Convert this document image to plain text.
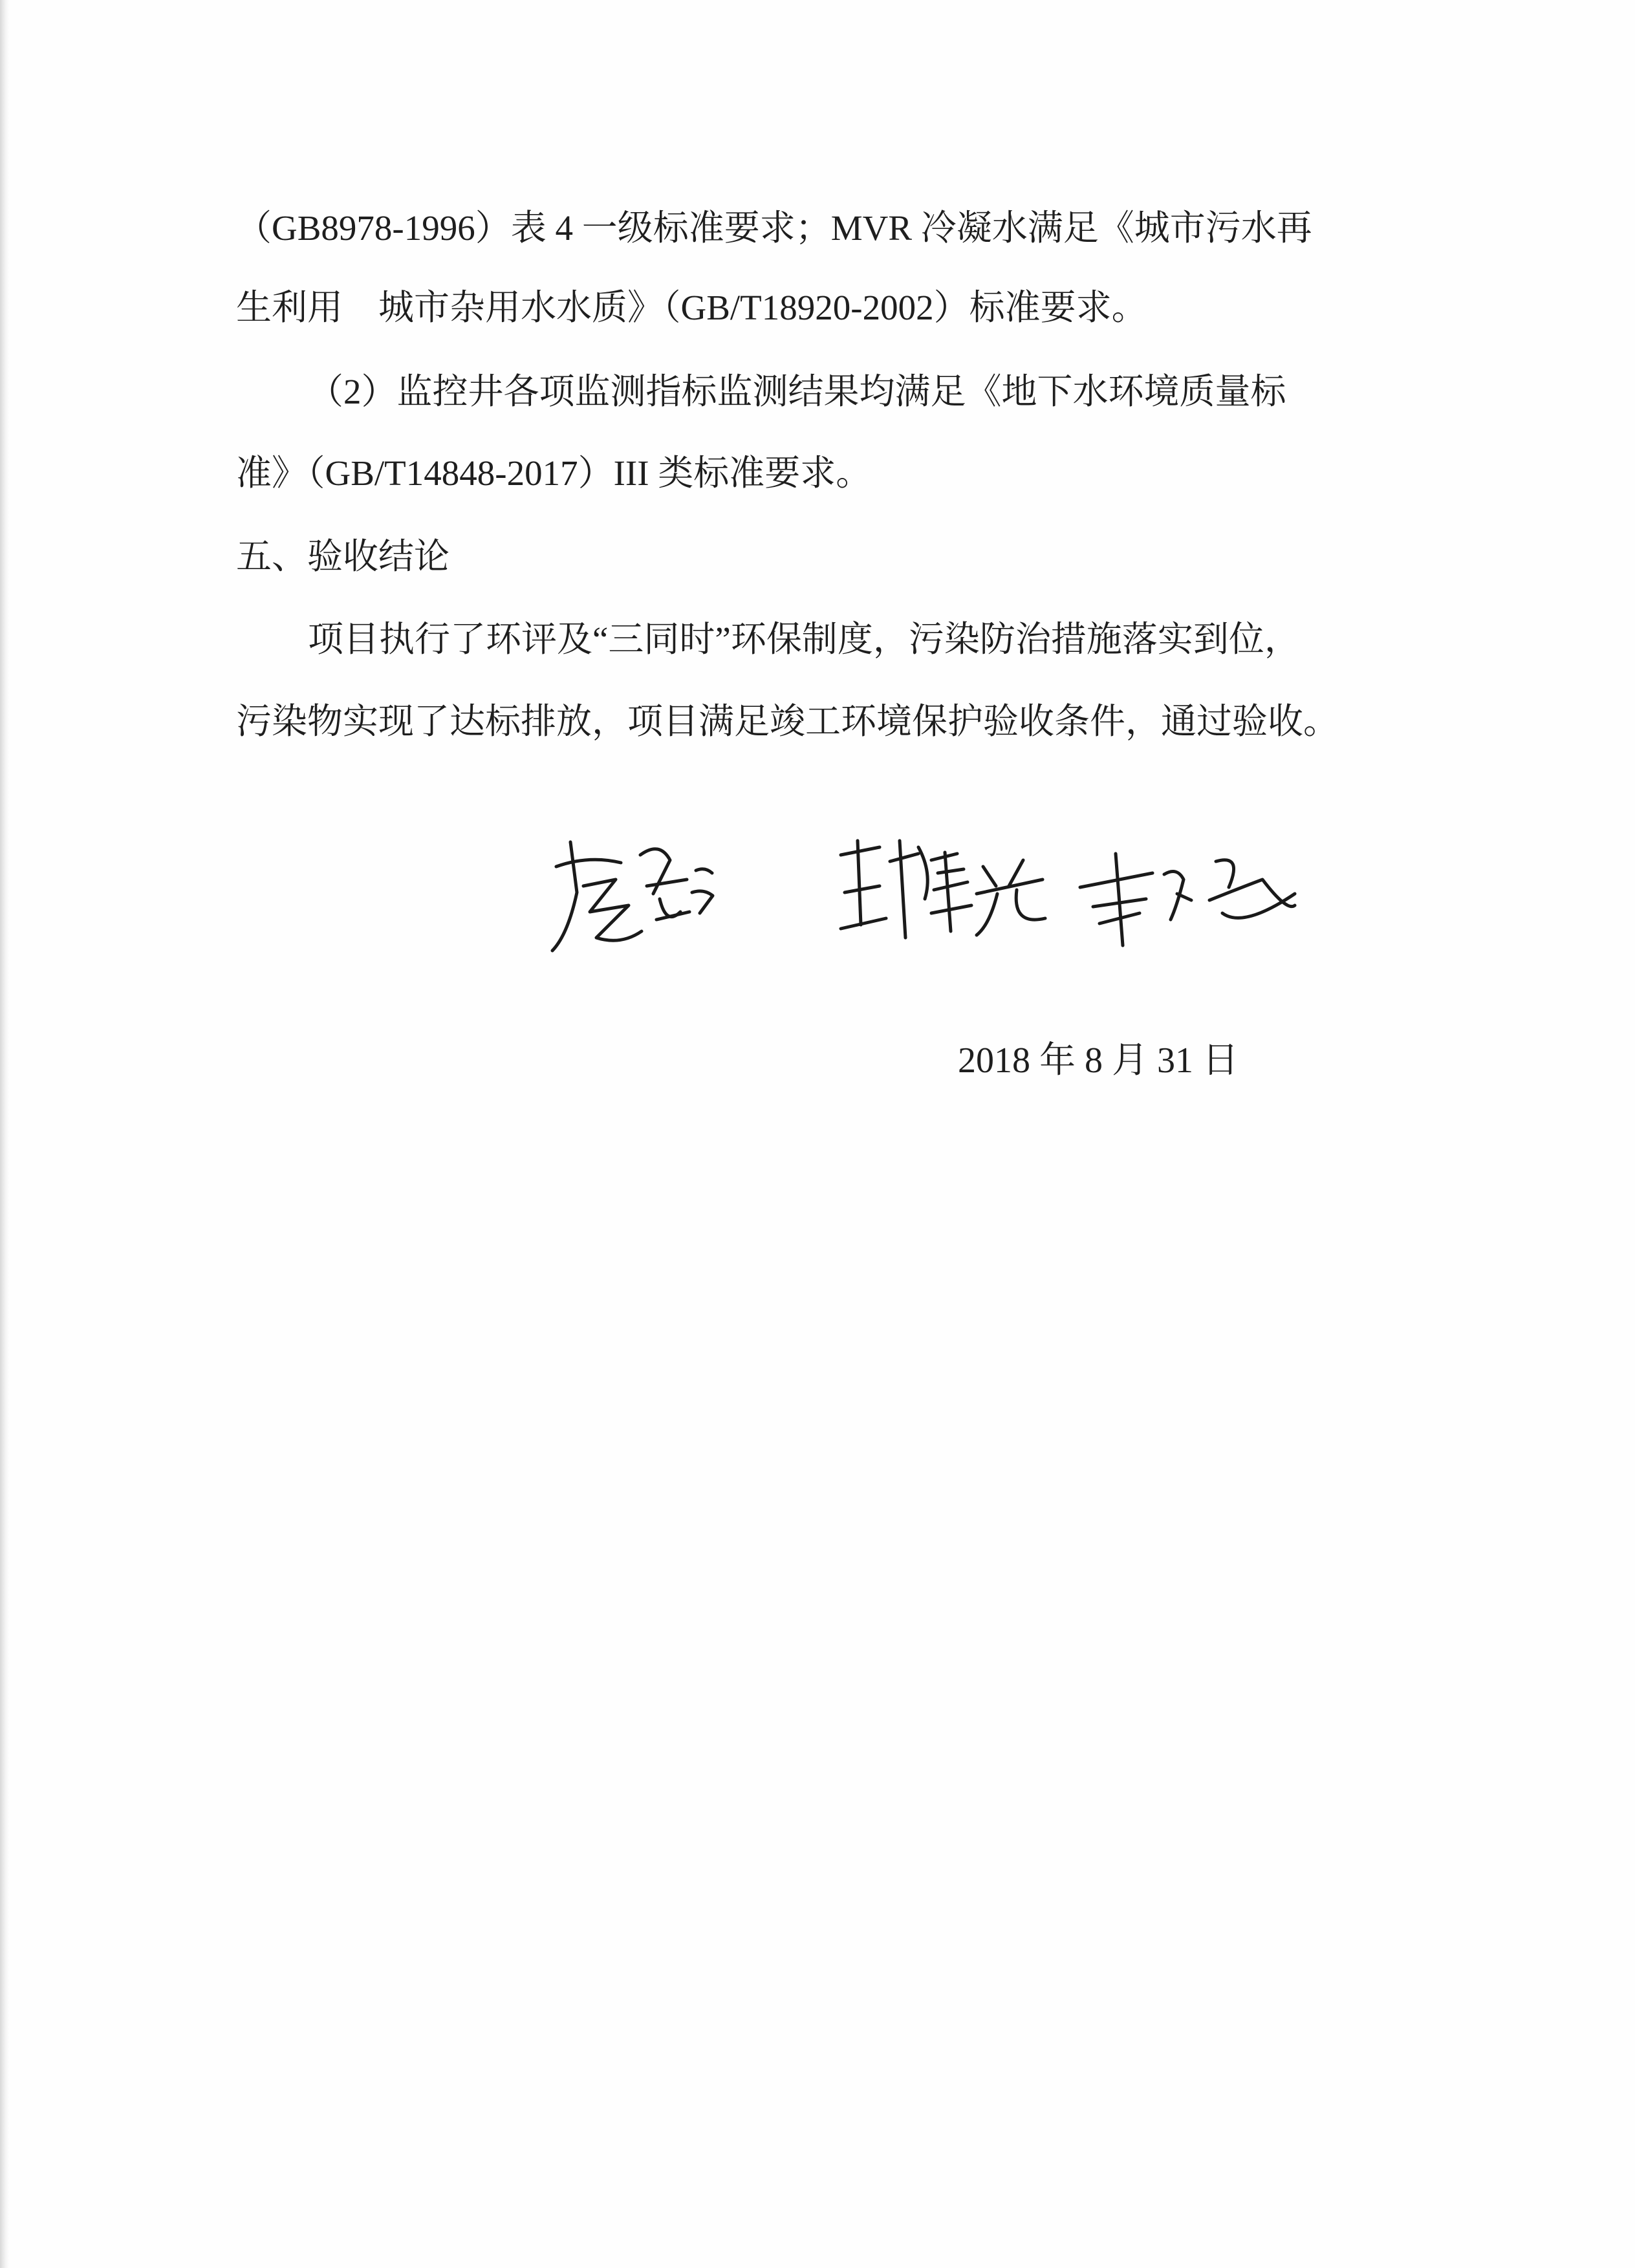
（GB8978-1996）表 4 一级标准要求；MVR 冷凝水满足《城市污水再
生利用　城市杂用水水质》（GB/T18920-2002）标准要求。
（2）监控井各项监测指标监测结果均满足《地下水环境质量标
准》（GB/T14848-2017）III 类标准要求。
五、验收结论
项目执行了环评及“三同时”环保制度，污染防治措施落实到位，
污染物实现了达标排放，项目满足竣工环境保护验收条件，通过验收。
2018 年 8 月 31 日
